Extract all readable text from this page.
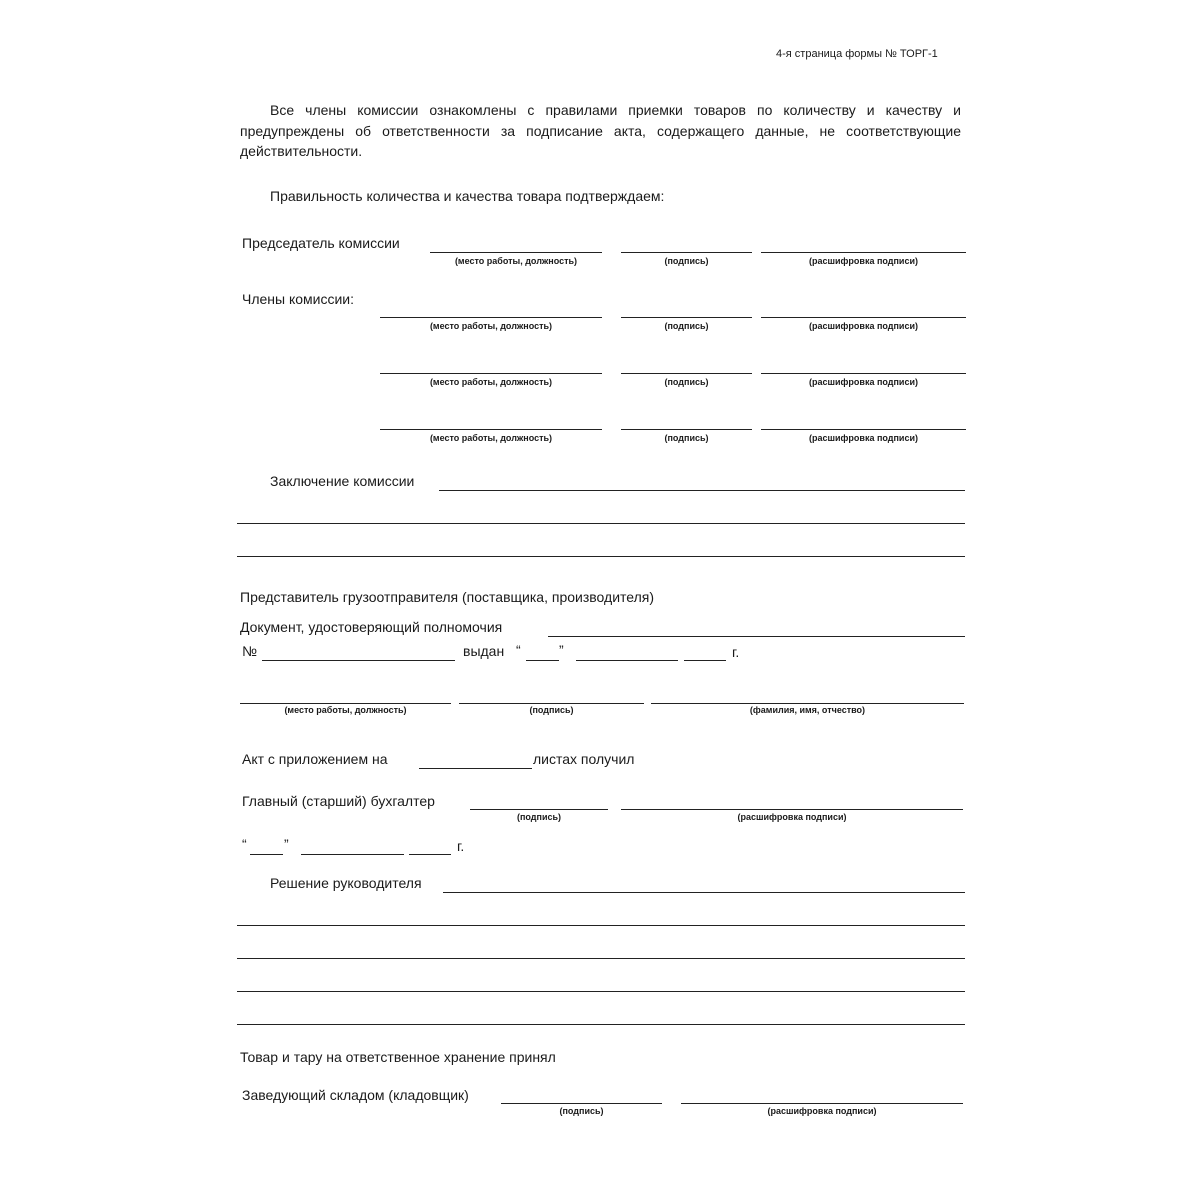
4-я страница формы № ТОРГ-1

Все члены комиссии ознакомлены с правилами приемки товаров по количеству и качеству и предупреждены об ответственности за подписание акта, содержащего данные, не соответствующие действительности.

Правильность количества и качества товара подтверждаем:
Председатель комиссии
(место работы, должность)	(подпись)	(расшифровка подписи)
Члены комиссии:
(место работы, должность)	(подпись)	(расшифровка подписи)
(место работы, должность)	(подпись)	(расшифровка подписи)
(место работы, должность)	(подпись)	(расшифровка подписи)
Заключение комиссии
Представитель грузоотправителя (поставщика, производителя)
Документ, удостоверяющий полномочия
№	выдан “	”	г.
(место работы, должность)	(подпись)	(фамилия, имя, отчество)
Акт с приложением на	листах получил
Главный (старший) бухгалтер
(подпись)	(расшифровка подписи)
“	”	г.
Решение руководителя
Товар и тару на ответственное хранение принял
Заведующий складом (кладовщик)
(подпись)	(расшифровка подписи)
